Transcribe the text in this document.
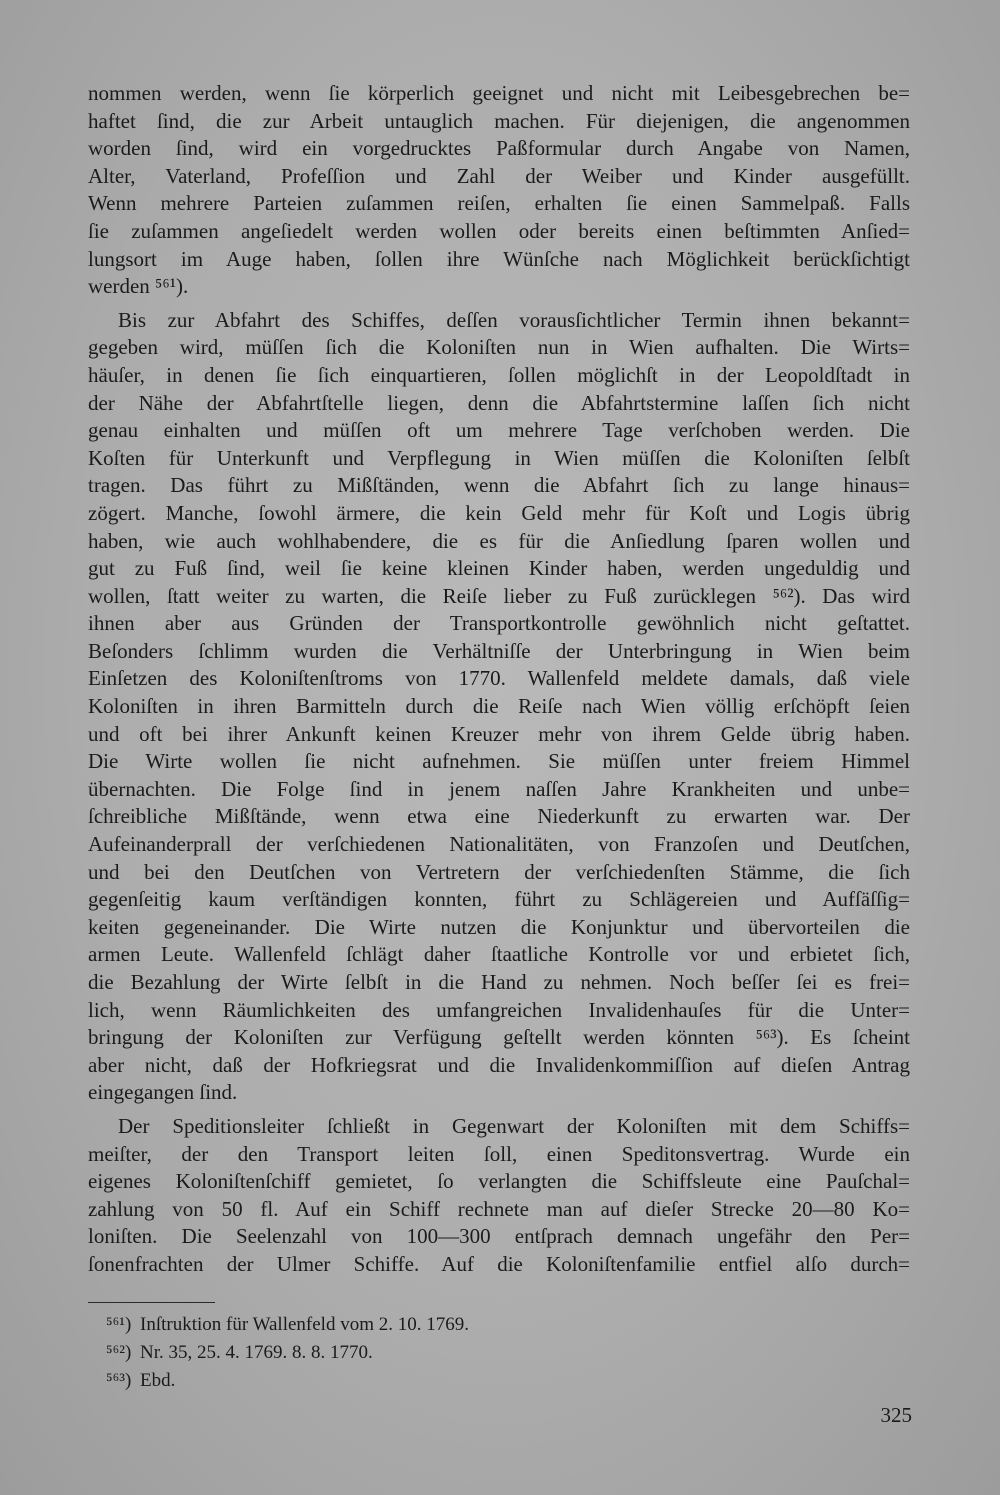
nommen werden, wenn ſie körperlich geeignet und nicht mit Leibesgebrechen be=
haftet ſind, die zur Arbeit untauglich machen. Für diejenigen, die angenommen
worden ſind, wird ein vorgedrucktes Paßformular durch Angabe von Namen,
Alter, Vaterland, Profeſſion und Zahl der Weiber und Kinder ausgefüllt.
Wenn mehrere Parteien zuſammen reiſen, erhalten ſie einen Sammelpaß. Falls
ſie zuſammen angeſiedelt werden wollen oder bereits einen beſtimmten Anſied=
lungsort im Auge haben, ſollen ihre Wünſche nach Möglichkeit berückſichtigt
werden ⁵⁶¹).
Bis zur Abfahrt des Schiffes, deſſen vorausſichtlicher Termin ihnen bekannt=
gegeben wird, müſſen ſich die Koloniſten nun in Wien aufhalten. Die Wirts=
häuſer, in denen ſie ſich einquartieren, ſollen möglichſt in der Leopoldſtadt in
der Nähe der Abfahrtſtelle liegen, denn die Abfahrtstermine laſſen ſich nicht
genau einhalten und müſſen oft um mehrere Tage verſchoben werden. Die
Koſten für Unterkunft und Verpflegung in Wien müſſen die Koloniſten ſelbſt
tragen. Das führt zu Mißſtänden, wenn die Abfahrt ſich zu lange hinaus=
zögert. Manche, ſowohl ärmere, die kein Geld mehr für Koſt und Logis übrig
haben, wie auch wohlhabendere, die es für die Anſiedlung ſparen wollen und
gut zu Fuß ſind, weil ſie keine kleinen Kinder haben, werden ungeduldig und
wollen, ſtatt weiter zu warten, die Reiſe lieber zu Fuß zurücklegen ⁵⁶²). Das wird
ihnen aber aus Gründen der Transportkontrolle gewöhnlich nicht geſtattet.
Beſonders ſchlimm wurden die Verhältniſſe der Unterbringung in Wien beim
Einſetzen des Koloniſtenſtroms von 1770. Wallenfeld meldete damals, daß viele
Koloniſten in ihren Barmitteln durch die Reiſe nach Wien völlig erſchöpft ſeien
und oft bei ihrer Ankunft keinen Kreuzer mehr von ihrem Gelde übrig haben.
Die Wirte wollen ſie nicht aufnehmen. Sie müſſen unter freiem Himmel
übernachten. Die Folge ſind in jenem naſſen Jahre Krankheiten und unbe=
ſchreibliche Mißſtände, wenn etwa eine Niederkunft zu erwarten war. Der
Aufeinanderprall der verſchiedenen Nationalitäten, von Franzoſen und Deutſchen,
und bei den Deutſchen von Vertretern der verſchiedenſten Stämme, die ſich
gegenſeitig kaum verſtändigen konnten, führt zu Schlägereien und Aufſäſſig=
keiten gegeneinander. Die Wirte nutzen die Konjunktur und übervorteilen die
armen Leute. Wallenfeld ſchlägt daher ſtaatliche Kontrolle vor und erbietet ſich,
die Bezahlung der Wirte ſelbſt in die Hand zu nehmen. Noch beſſer ſei es frei=
lich, wenn Räumlichkeiten des umfangreichen Invalidenhauſes für die Unter=
bringung der Koloniſten zur Verfügung geſtellt werden könnten ⁵⁶³). Es ſcheint
aber nicht, daß der Hofkriegsrat und die Invalidenkommiſſion auf dieſen Antrag
eingegangen ſind.
Der Speditionsleiter ſchließt in Gegenwart der Koloniſten mit dem Schiffs=
meiſter, der den Transport leiten ſoll, einen Speditonsvertrag. Wurde ein
eigenes Koloniſtenſchiff gemietet, ſo verlangten die Schiffsleute eine Pauſchal=
zahlung von 50 fl. Auf ein Schiff rechnete man auf dieſer Strecke 20—80 Ko=
loniſten. Die Seelenzahl von 100—300 entſprach demnach ungefähr den Per=
ſonenfrachten der Ulmer Schiffe. Auf die Koloniſtenfamilie entfiel alſo durch=
⁵⁶¹) Inſtruktion für Wallenfeld vom 2. 10. 1769.
⁵⁶²) Nr. 35, 25. 4. 1769. 8. 8. 1770.
⁵⁶³) Ebd.
325
